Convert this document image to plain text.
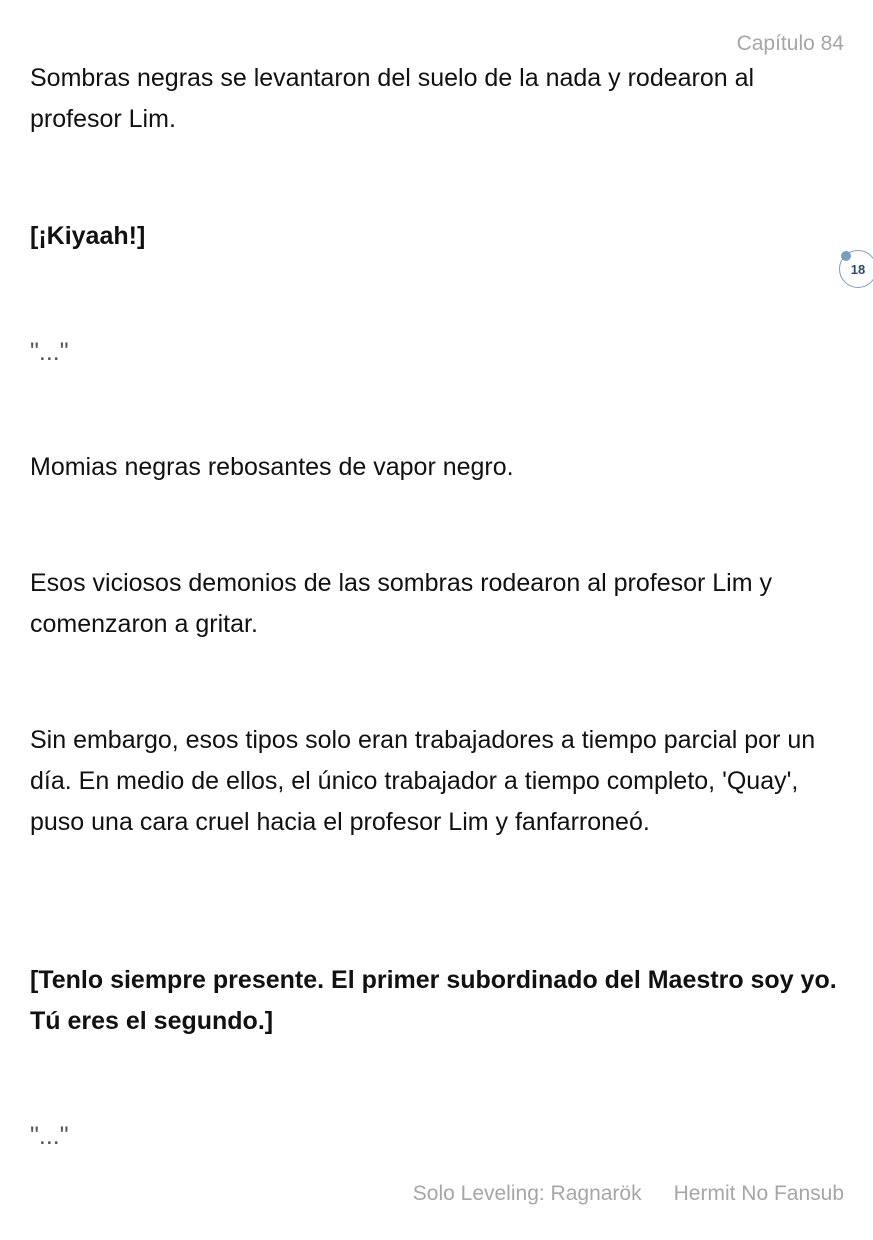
Capítulo 84
18

Sombras negras se levantaron del suelo de la nada y rodearon al profesor Lim.

[¡Kiyaah!]

"..."

Momias negras rebosantes de vapor negro.

Esos viciosos demonios de las sombras rodearon al profesor Lim y comenzaron a gritar.

Sin embargo, esos tipos solo eran trabajadores a tiempo parcial por un día. En medio de ellos, el único trabajador a tiempo completo, 'Quay', puso una cara cruel hacia el profesor Lim y fanfarroneó.

[Tenlo siempre presente. El primer subordinado del Maestro soy yo. Tú eres el segundo.]

"..."

Solo Leveling: Ragnarök Hermit No Fansub
